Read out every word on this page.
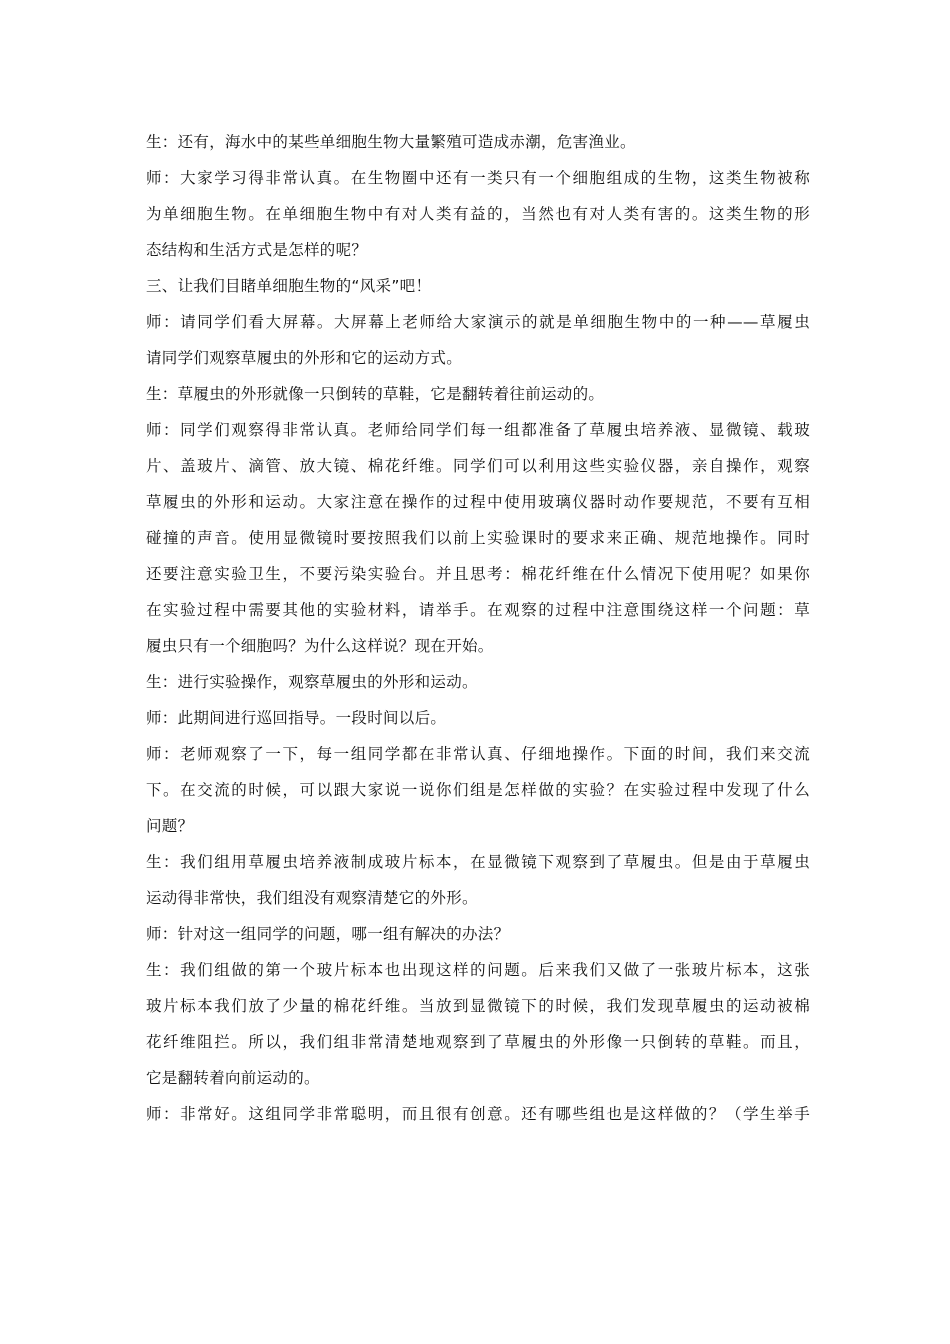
生：还有，海水中的某些单细胞生物大量繁殖可造成赤潮，危害渔业。
师：大家学习得非常认真。在生物圈中还有一类只有一个细胞组成的生物，这类生物被称
为单细胞生物。在单细胞生物中有对人类有益的，当然也有对人类有害的。这类生物的形
态结构和生活方式是怎样的呢？
三、让我们目睹单细胞生物的“风采”吧！
师：请同学们看大屏幕。大屏幕上老师给大家演示的就是单细胞生物中的一种——草履虫
请同学们观察草履虫的外形和它的运动方式。
生：草履虫的外形就像一只倒转的草鞋，它是翻转着往前运动的。
师：同学们观察得非常认真。老师给同学们每一组都准备了草履虫培养液、显微镜、载玻
片、盖玻片、滴管、放大镜、棉花纤维。同学们可以利用这些实验仪器，亲自操作，观察
草履虫的外形和运动。大家注意在操作的过程中使用玻璃仪器时动作要规范，不要有互相
碰撞的声音。使用显微镜时要按照我们以前上实验课时的要求来正确、规范地操作。同时
还要注意实验卫生，不要污染实验台。并且思考：棉花纤维在什么情况下使用呢？如果你
在实验过程中需要其他的实验材料，请举手。在观察的过程中注意围绕这样一个问题：草
履虫只有一个细胞吗？为什么这样说？现在开始。
生：进行实验操作，观察草履虫的外形和运动。
师：此期间进行巡回指导。一段时间以后。
师：老师观察了一下，每一组同学都在非常认真、仔细地操作。下面的时间，我们来交流
下。在交流的时候，可以跟大家说一说你们组是怎样做的实验？在实验过程中发现了什么
问题？
生：我们组用草履虫培养液制成玻片标本，在显微镜下观察到了草履虫。但是由于草履虫
运动得非常快，我们组没有观察清楚它的外形。
师：针对这一组同学的问题，哪一组有解决的办法？
生：我们组做的第一个玻片标本也出现这样的问题。后来我们又做了一张玻片标本，这张
玻片标本我们放了少量的棉花纤维。当放到显微镜下的时候，我们发现草履虫的运动被棉
花纤维阻拦。所以，我们组非常清楚地观察到了草履虫的外形像一只倒转的草鞋。而且，
它是翻转着向前运动的。
师：非常好。这组同学非常聪明，而且很有创意。还有哪些组也是这样做的？（学生举手
